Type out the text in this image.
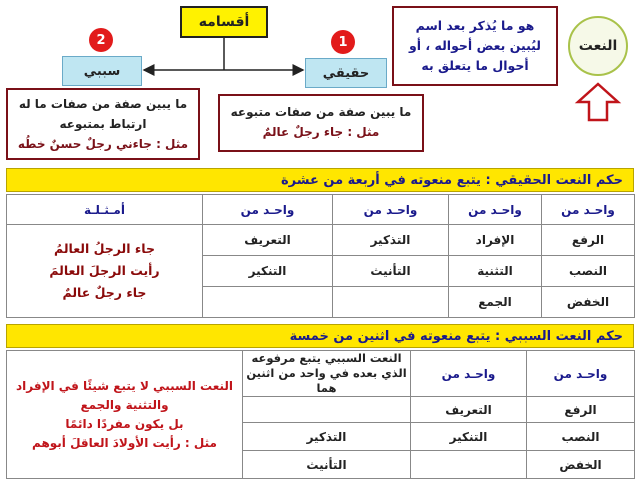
أقسامه
حقيقي
سببي
1
2
هو ما يُذكر بعد اسم ليُبين بعض أحواله ، أو أحوال ما يتعلق به
النعت
ما يبين صفة من صفات متبوعه
مثل : جاء رجلٌ عالمٌ
ما يبين صفة من صفات ما له
ارتباط بمتبوعه
مثل : جاءني رجلٌ حسنٌ خطُه
حكم النعت الحقيقي : يتبع منعوته في أربعة من عشرة
واحـد من	واحـد من	واحـد من	واحـد من	أمـثـلـة
الرفع	الإفراد	التذكير	التعريف	جاء الرجلُ العالمُ
رأيت الرجلَ العالمَ
جاء رجلٌ عالمٌ

النصب	التثنية	التأنيث	التنكير	
الخفض	الجمع			
حكم النعت السببي : يتبع منعوته في اثنين من خمسة
واحـد من	واحـد من	النعت السببي يتبع مرفوعه الذي بعده في واحد من اثنين هما	النعت السببي لا يتبع شيئًا في الإفراد
والتثنية والجمع
بل يكون مفردًا دائمًا
مثل : رأيت الأولادَ العاقلَ أبوهم

الرفع	التعريف		
النصب	التنكير	التذكير	
الخفض		التأنيث	
